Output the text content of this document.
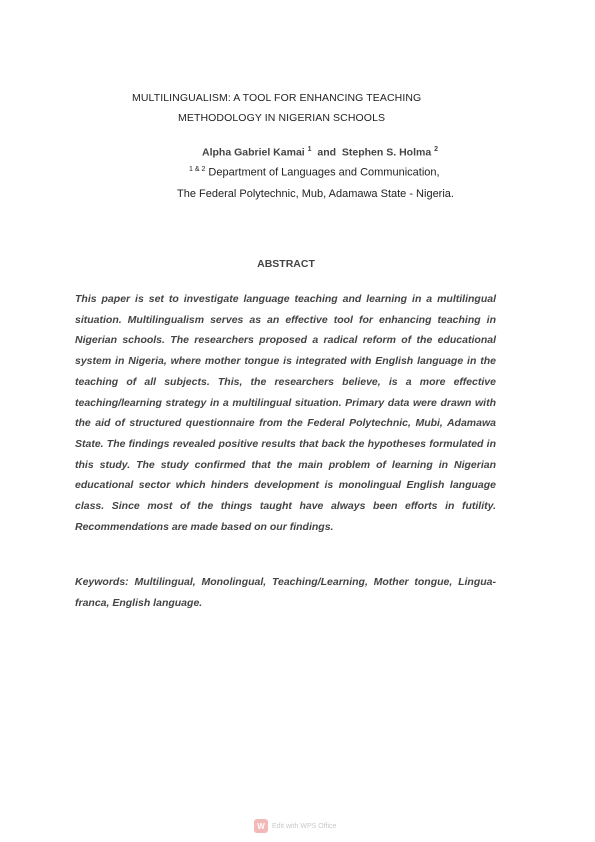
MULTILINGUALISM: A TOOL FOR ENHANCING TEACHING
METHODOLOGY IN NIGERIAN SCHOOLS
Alpha Gabriel Kamai $^1$  and  Stephen S. Holma $^2$
$^{1 \& 2}$ Department of Languages and Communication,
The Federal Polytechnic, Mub, Adamawa State - Nigeria.
ABSTRACT

This paper is set to investigate language teaching and learning in a multilingual situation. Multilingualism serves as an effective tool for enhancing teaching in Nigerian schools. The researchers proposed a radical reform of the educational system in Nigeria, where mother tongue is integrated with English language in the teaching of all subjects. This, the researchers believe, is a more effective teaching/learning strategy in a multilingual situation. Primary data were drawn with the aid of structured questionnaire from the Federal Polytechnic, Mubi, Adamawa State. The findings revealed positive results that back the hypotheses formulated in this study. The study confirmed that the main problem of learning in Nigerian educational sector which hinders development is monolingual English language class. Since most of the things taught have always been efforts in futility. Recommendations are made based on our findings.

Keywords: Multilingual, Monolingual, Teaching/Learning, Mother tongue, Lingua-franca, English language.

W	Edit with WPS Office
